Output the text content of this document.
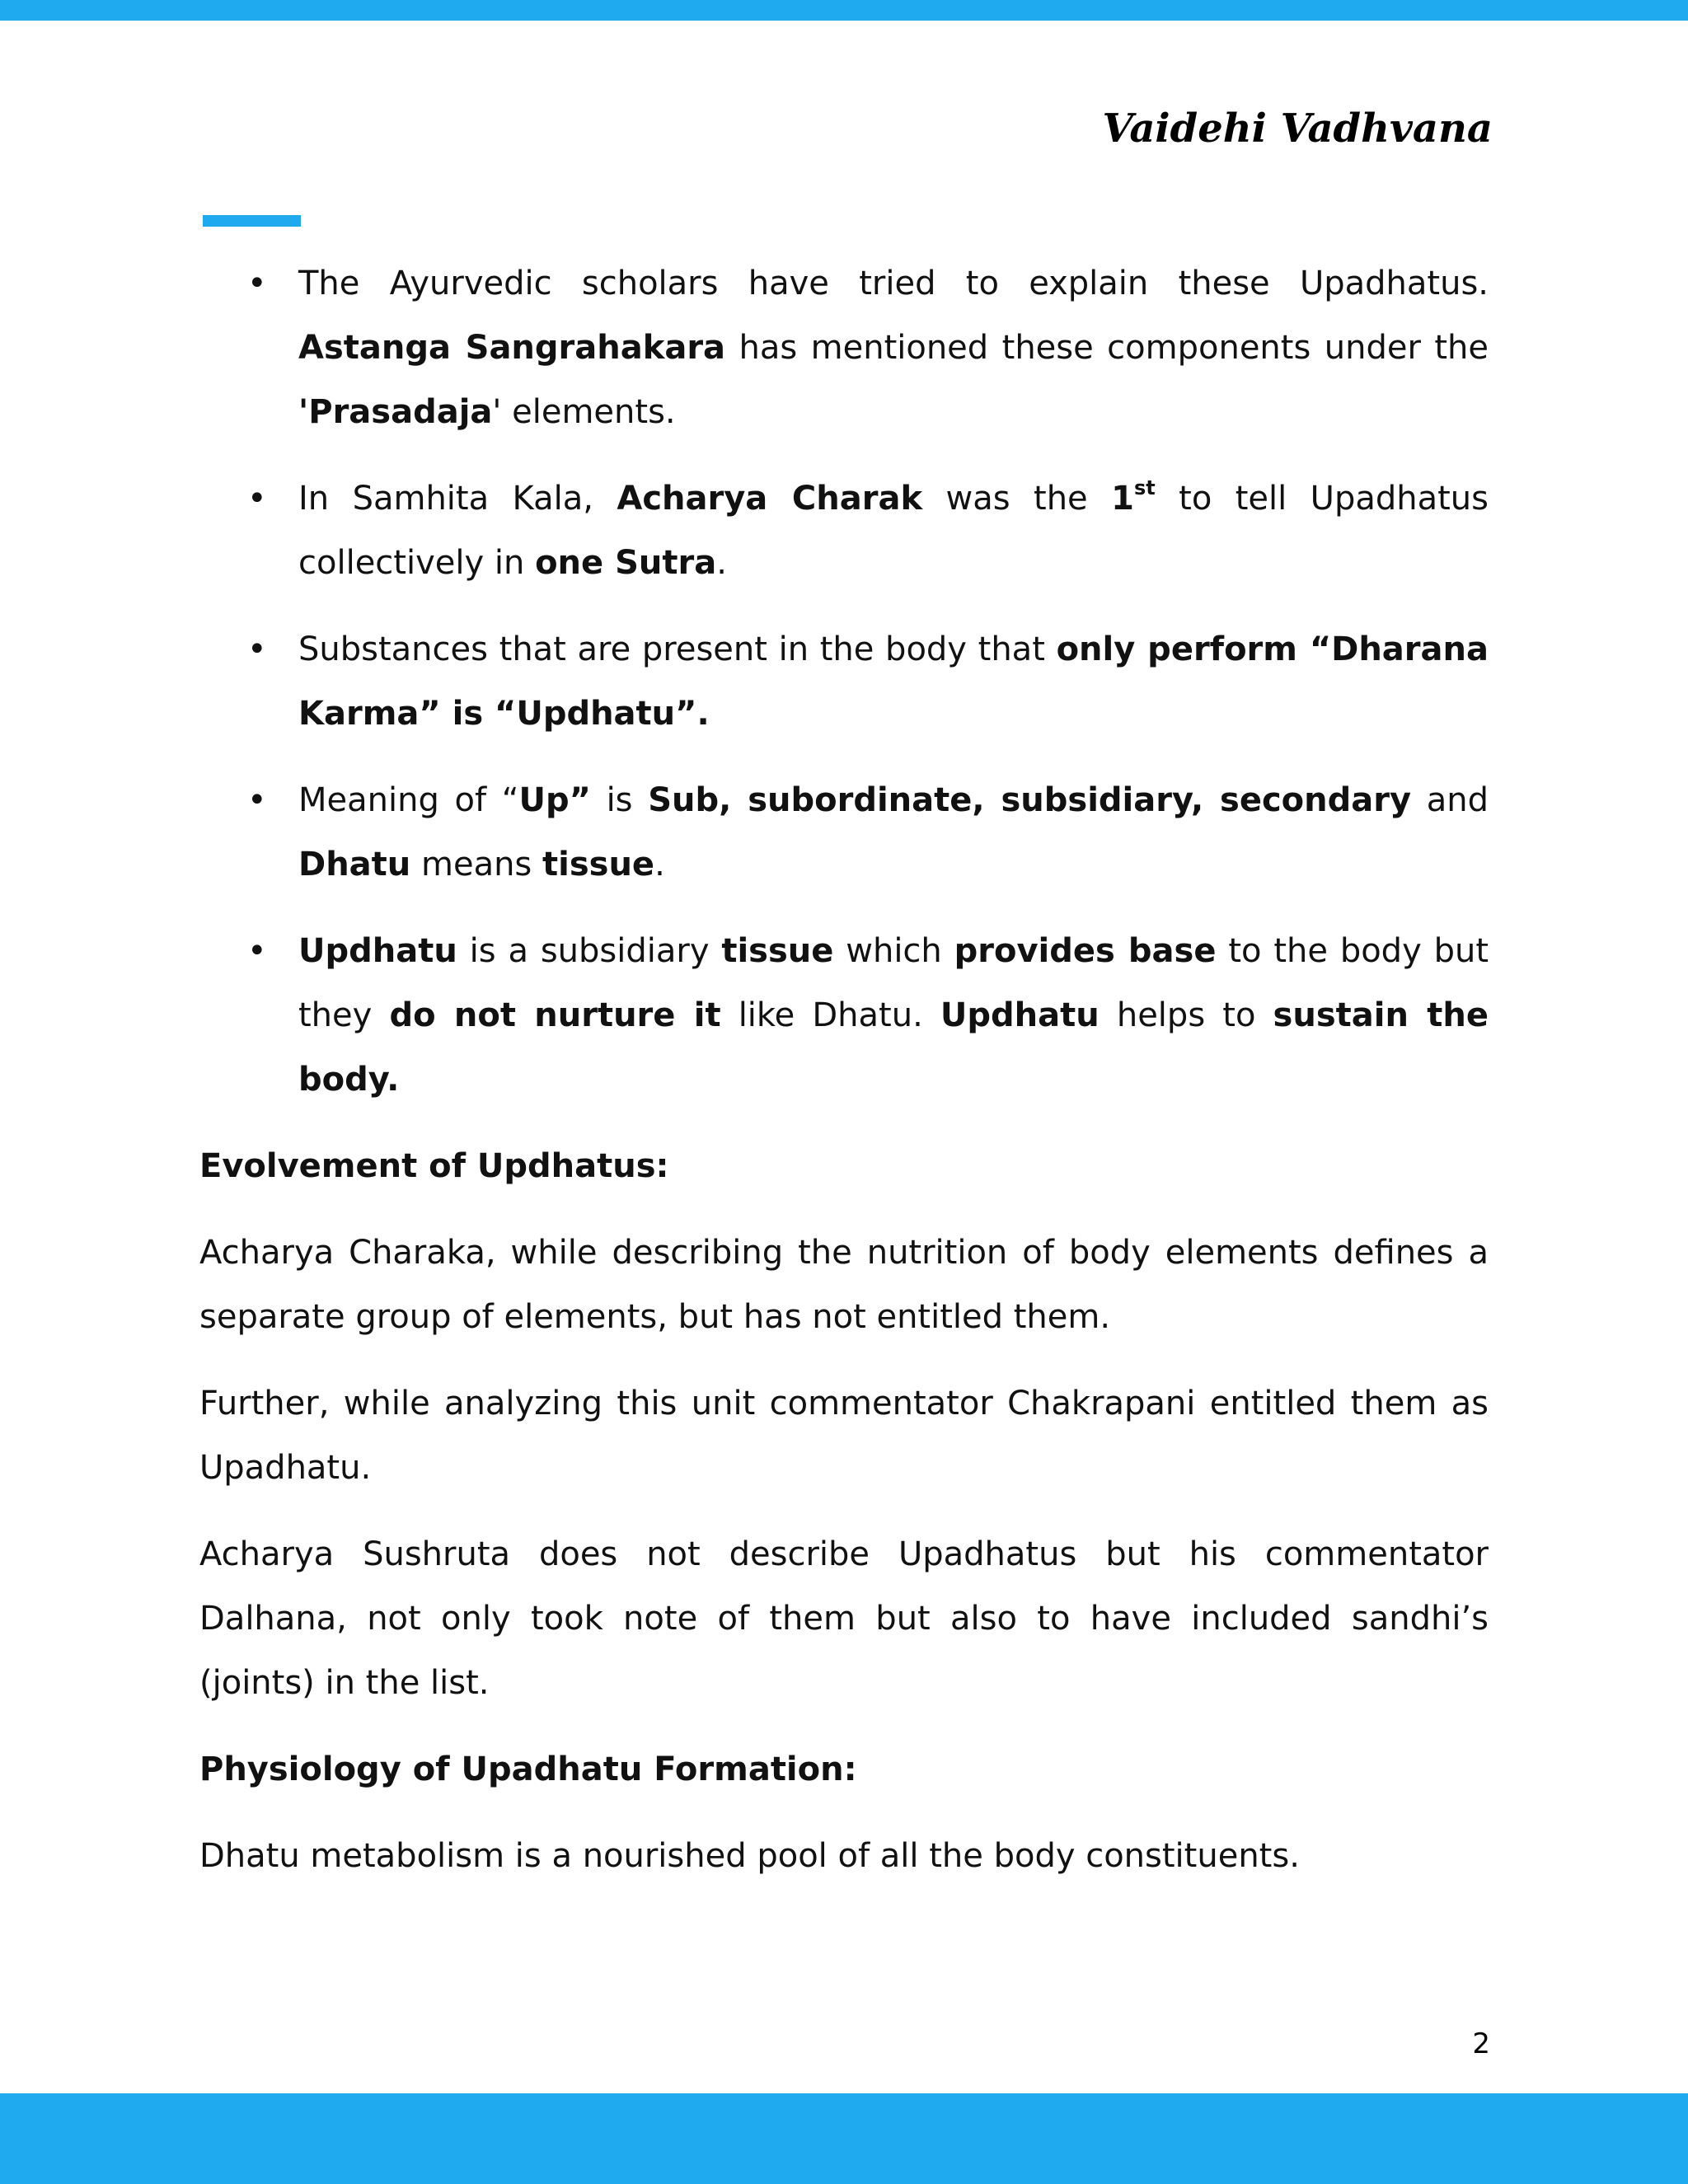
Vaidehi Vadhvana
• The Ayurvedic scholars have tried to explain these Upadhatus. Astanga Sangrahakara has mentioned these components under the 'Prasadaja' elements.
• In Samhita Kala, Acharya Charak was the 1st to tell Upadhatus collectively in one Sutra.
• Substances that are present in the body that only perform “Dharana Karma” is “Updhatu”.
• Meaning of “Up” is Sub, subordinate, subsidiary, secondary and Dhatu means tissue.
• Updhatu is a subsidiary tissue which provides base to the body but they do not nurture it like Dhatu. Updhatu helps to sustain the body.
Evolvement of Updhatus:

Acharya Charaka, while describing the nutrition of body elements defines a separate group of elements, but has not entitled them.

Further, while analyzing this unit commentator Chakrapani entitled them as Upadhatu.

Acharya Sushruta does not describe Upadhatus but his commentator Dalhana, not only took note of them but also to have included sandhi’s (joints) in the list.

Physiology of Upadhatu Formation:

Dhatu metabolism is a nourished pool of all the body constituents.

2
